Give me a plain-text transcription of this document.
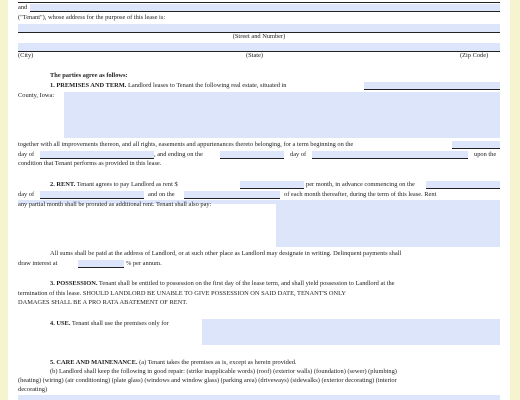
and
("Tenant"), whose address for the purpose of this lease is:
(Street and Number)
(City)	(State)	(Zip Code)
The parties agree as follows:
1. PREMISES AND TERM. Landlord leases to Tenant the following real estate, situated in
County, Iowa:
together with all improvements thereon, and all rights, easements and appurtenances thereto belonging, for a term beginning on the
day of	, and ending on the	day of	upon the
condition that Tenant performs as provided in this lease.
2. RENT. Tenant agrees to pay Landlord as rent $	per month, in advance commencing on the
day of	and on the	of each month thereafter, during the term of this lease. Rent
any partial month shall be prorated as additional rent. Tenant shall also pay:
All sums shall be paid at the address of Landlord, or at such other place as Landlord may designate in writing. Delinquent payments shall
draw interest at	% per annum.
3. POSSESSION. Tenant shall be entitled to possession on the first day of the lease term, and shall yield possession to Landlord at the
termination of this lease. SHOULD LANDLORD BE UNABLE TO GIVE POSSESSION ON SAID DATE, TENANT'S ONLY
DAMAGES SHALL BE A PRO RATA ABATEMENT OF RENT.
4. USE. Tenant shall use the premises only for
5. CARE AND MAINENANCE. (a) Tenant takes the premises as is, except as herein provided.
(b) Landlord shall keep the following in good repair: (strike inapplicable words) (roof) (exterior walls) (foundation) (sewer) (plumbing)
(heating) (wiring) (air conditioning) (plate glass) (windows and window glass) (parking area) (driveways) (sidewalks) (exterior decorating) (interior
decorating)
